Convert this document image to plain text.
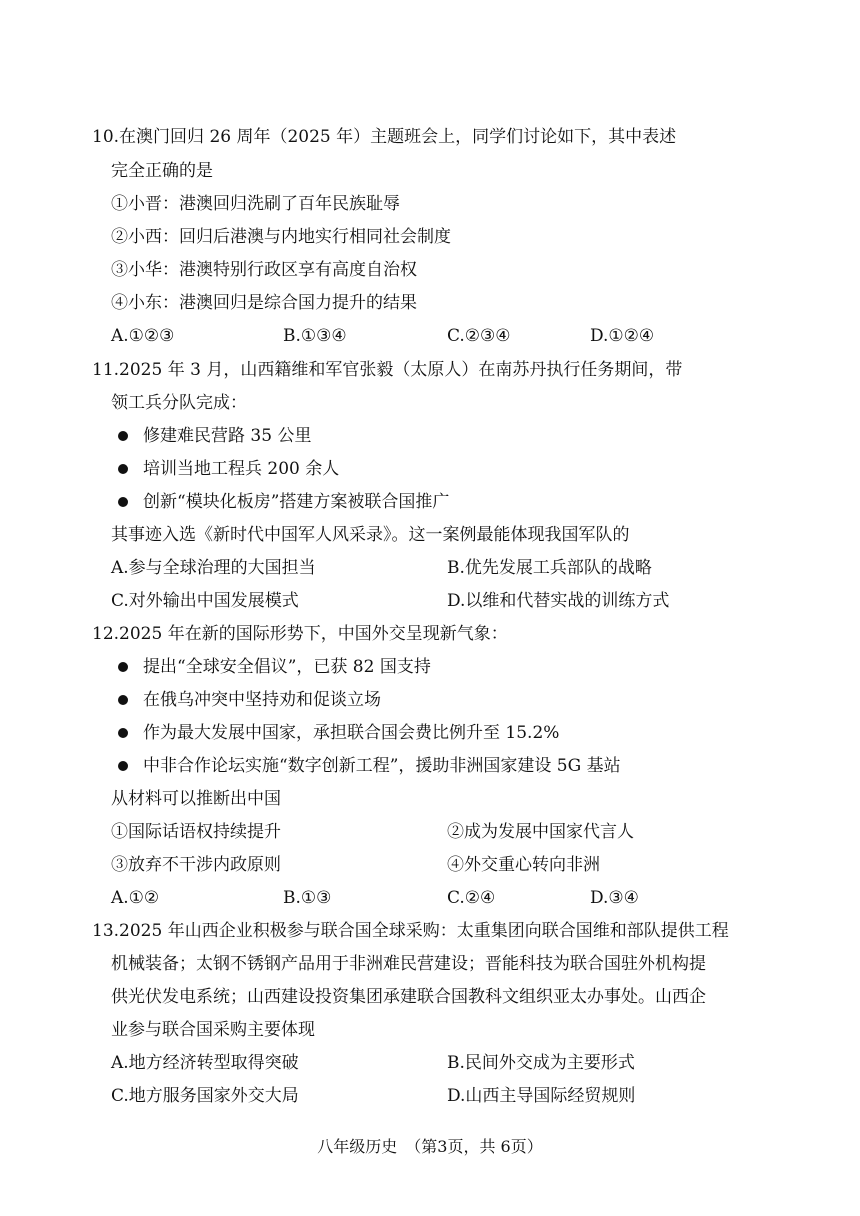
10.在澳门回归 26 周年（2025 年）主题班会上，同学们讨论如下，其中表述
完全正确的是
①小晋：港澳回归洗刷了百年民族耻辱
②小西：回归后港澳与内地实行相同社会制度
③小华：港澳特别行政区享有高度自治权
④小东：港澳回归是综合国力提升的结果
A.①②③	B.①③④	C.②③④	D.①②④
11.2025 年 3 月，山西籍维和军官张毅（太原人）在南苏丹执行任务期间，带
领工兵分队完成：
修建难民营路 35 公里
培训当地工程兵 200 余人
创新“模块化板房”搭建方案被联合国推广
其事迹入选《新时代中国军人风采录》。这一案例最能体现我国军队的
A.参与全球治理的大国担当	B.优先发展工兵部队的战略
C.对外输出中国发展模式	D.以维和代替实战的训练方式
12.2025 年在新的国际形势下，中国外交呈现新气象：
提出“全球安全倡议”，已获 82 国支持
在俄乌冲突中坚持劝和促谈立场
作为最大发展中国家，承担联合国会费比例升至 15.2%
中非合作论坛实施“数字创新工程”，援助非洲国家建设 5G 基站
从材料可以推断出中国
①国际话语权持续提升	②成为发展中国家代言人
③放弃不干涉内政原则	④外交重心转向非洲
A.①②	B.①③	C.②④	D.③④
13.2025 年山西企业积极参与联合国全球采购：太重集团向联合国维和部队提供工程
机械装备；太钢不锈钢产品用于非洲难民营建设；晋能科技为联合国驻外机构提
供光伏发电系统；山西建设投资集团承建联合国教科文组织亚太办事处。山西企
业参与联合国采购主要体现
A.地方经济转型取得突破	B.民间外交成为主要形式
C.地方服务国家外交大局	D.山西主导国际经贸规则
八年级历史　（第3页，共 6页）
